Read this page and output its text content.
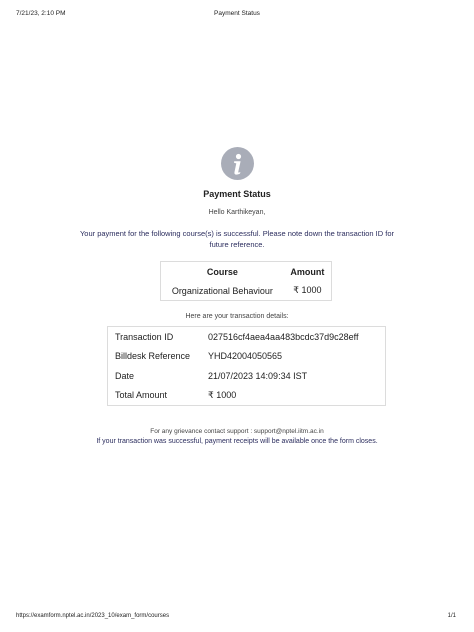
7/21/23, 2:10 PM	Payment Status
Payment Status
Hello Karthikeyan,
Your payment for the following course(s) is successful. Please note down the transaction ID for future reference.
Course	Amount
Organizational Behaviour	₹ 1000
Here are your transaction details:
Transaction ID	027516cf4aea4aa483bcdc37d9c28eff
Billdesk Reference	YHD42004050565
Date	21/07/2023 14:09:34 IST
Total Amount	₹ 1000
For any grievance contact support : support@nptel.iitm.ac.in
If your transaction was successful, payment receipts will be available once the form closes.
https://examform.nptel.ac.in/2023_10/exam_form/courses	1/1
